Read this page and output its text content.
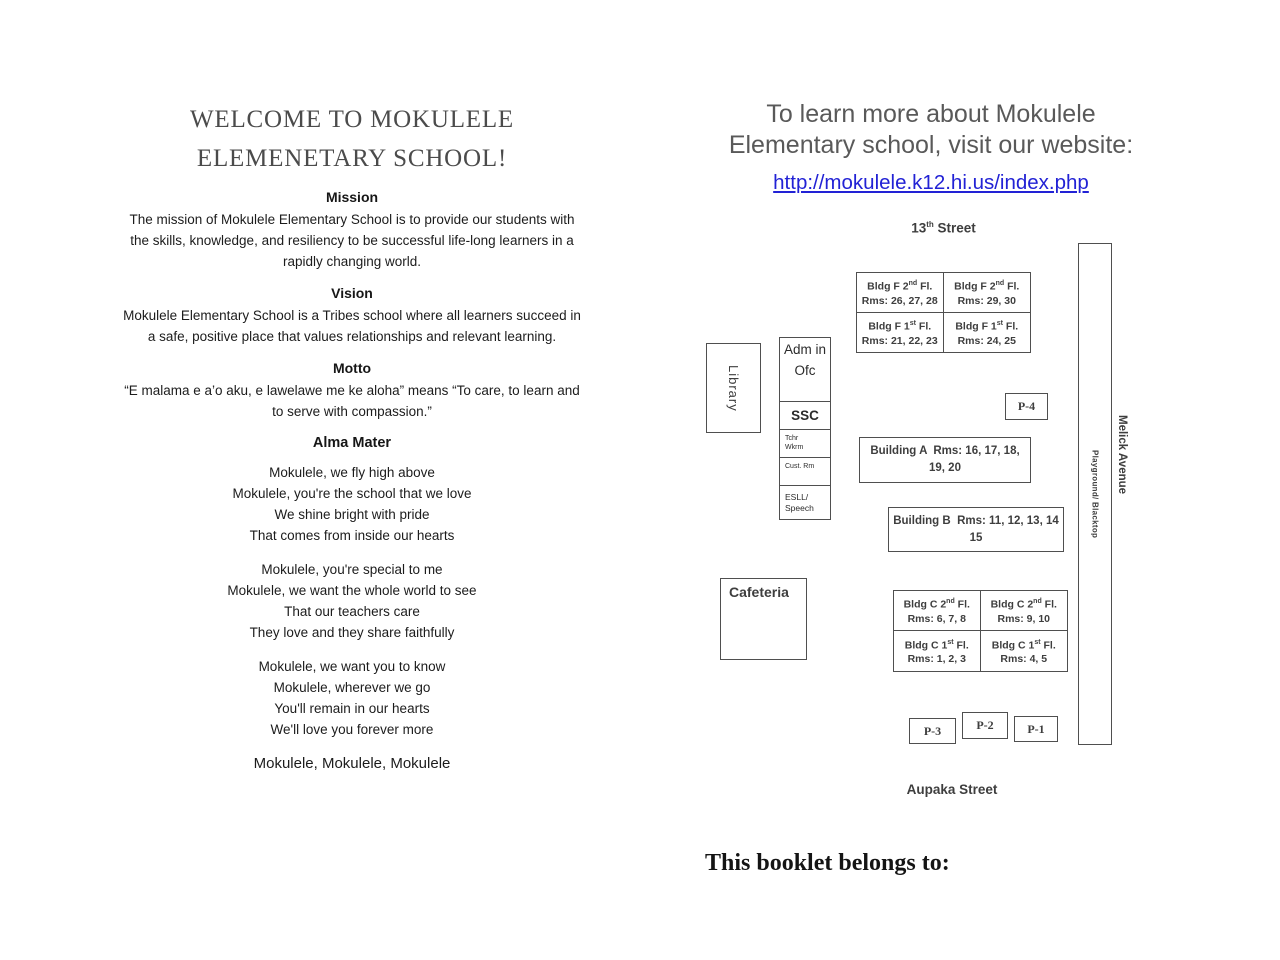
WELCOME TO MOKULELE
ELEMENETARY SCHOOL!
Mission
The mission of Mokulele Elementary School is to provide our students with
the skills, knowledge, and resiliency to be successful life-long learners in a
rapidly changing world.
Vision
Mokulele Elementary School is a Tribes school where all learners succeed in
a safe, positive place that values relationships and relevant learning.
Motto
“E malama e a’o aku, e lawelawe me ke aloha” means “To care, to learn and
to serve with compassion.”
Alma Mater
Mokulele, we fly high above
Mokulele, you're the school that we love
We shine bright with pride
That comes from inside our hearts
Mokulele, you're special to me
Mokulele, we want the whole world to see
That our teachers care
They love and they share faithfully
Mokulele, we want you to know
Mokulele, wherever we go
You'll remain in our hearts
We'll love you forever more
Mokulele, Mokulele, Mokulele
To learn more about Mokulele
Elementary school, visit our website:
http://mokulele.k12.hi.us/index.php
13th Street
Bldg F 2nd Fl.
Rms: 26, 27, 28
Bldg F 2nd Fl.
Rms: 29, 30
Bldg F 1st Fl.
Rms: 21, 22, 23
Bldg F 1st Fl.
Rms: 24, 25
Library
Adm in Ofc
SSC
Tchr
Wkrm
Cust. Rm
ESLL/
Speech
P-4
P-3	P-2	P-1
Building A  Rms: 16, 17, 18,
19, 20
Building B  Rms: 11, 12, 13, 14
15
Cafeteria
Bldg C 2nd Fl.
Rms: 6, 7, 8
Bldg C 2nd Fl.
Rms: 9, 10
Bldg C 1st Fl.
Rms: 1, 2, 3
Bldg C 1st Fl.
Rms: 4, 5
Playground/ Blacktop Melick Avenue
Aupaka Street
This booklet belongs to:
